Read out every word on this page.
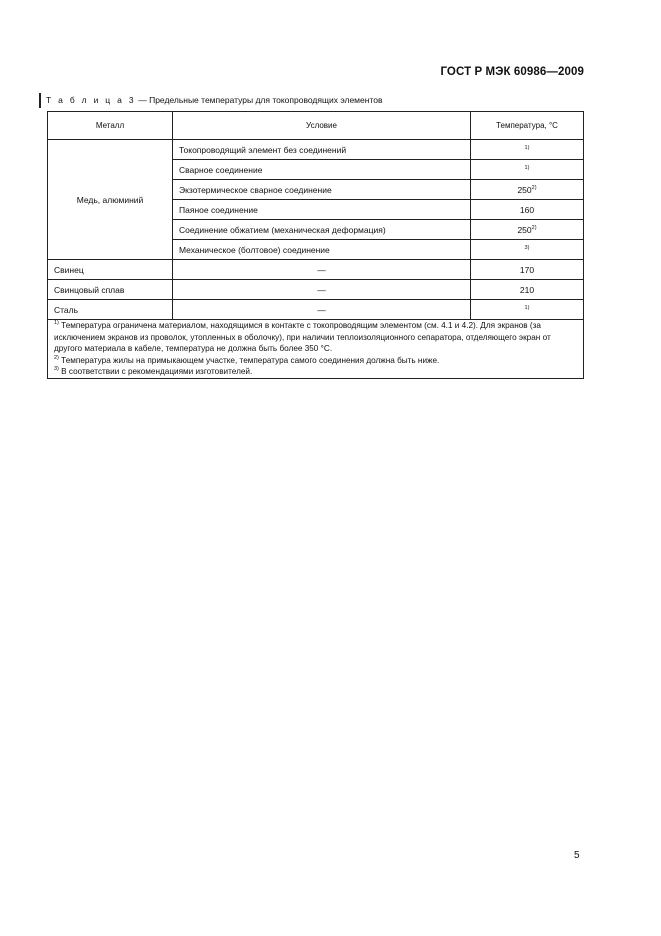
ГОСТ Р МЭК 60986—2009
Т а б л и ц а 3 — Предельные температуры для токопроводящих элементов
Металл	Условие	Температура, °С
Медь, алюминий	Токопроводящий элемент без соединений	$^{1)}$
	Сварное соединение	$^{1)}$
	Экзотермическое сварное соединение	250$^{2)}$
	Паяное соединение	160
	Соединение обжатием (механическая деформация)	250$^{2)}$
	Механическое (болтовое) соединение	$^{3)}$
Свинец	—	170
Свинцовый сплав	—	210
Сталь	—	$^{1)}$

$^{1)}$ Температура ограничена материалом, находящимся в контакте с токопроводящим элементом (см. 4.1 и 4.2). Для экранов (за исключением экранов из проволок, утопленных в оболочку), при наличии теплоизоляционного сепаратора, отделяющего экран от другого материала в кабеле, температура не должна быть более 350 °С.
$^{2)}$ Температура жилы на примыкающем участке, температура самого соединения должна быть ниже.
$^{3)}$ В соответствии с рекомендациями изготовителей.		
5
